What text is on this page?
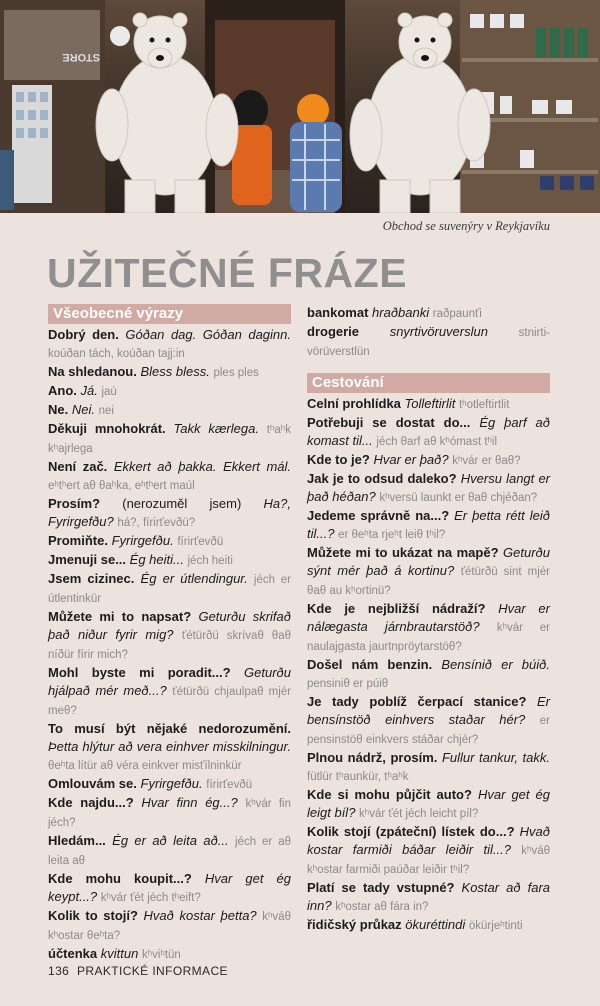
STORE
Obchod se suvenýry v Reykjavíku
UŽITEČNÉ FRÁZE
Všeobecné výrazy

Dobrý den. Góðan dag. Góðan daginn. koúðan tách, koúðan tajj:in

Na shledanou. Bless bless. ples ples

Ano. Já. jaú

Ne. Nei. nei

Děkuji mnohokrát. Takk kærlega. tʰaʰk kʰajrlega

Není zač. Ekkert að þakka. Ekkert mál. eʰtʰert aθ θaʰka, eʰtʰert maúl

Prosím? (nerozuměl jsem) Ha?, Fyrirgefðu? há?, fírirťevðü?

Promiňte. Fyrirgefðu. fírirťevðü

Jmenuji se... Ég heiti... jéch heiti

Jsem cizinec. Ég er útlendingur. jéch er útlentinkür

Můžete mi to napsat? Geturðu skrifað það niður fyrir mig? ťétürðü skrívaθ θaθ níðür fírir mich?

Mohl byste mi poradit...? Geturðu hjálpað mér með...? ťétürðü chjaulpaθ mjér meθ?

To musí být nějaké nedorozumění. Þetta hlýtur að vera einhver misskilningur. θeʰta lítür aθ véra einkver misťílninkür

Omlouvám se. Fyrirgefðu. fírirťevðü

Kde najdu...? Hvar finn ég...? kʰvár fin jéch?

Hledám... Ég er að leita að... jéch er aθ leita aθ

Kde mohu koupit...? Hvar get ég keypt...? kʰvár ťét jéch tʰeift?

Kolik to stojí? Hvað kostar þetta? kʰváθ kʰostar θeʰta?

účtenka kvittun kʰviʰtün

bankomat hraðbanki raðpaunťi

drogerie snyrtivöruverslun	stnirtivörüverstlün

Cestování

Celní prohlídka Tolleftirlit tʰotleftirtlit

Potřebuji se dostat do... Ég þarf að komast til... jéch θarf aθ kʰómast tʰil

Kde to je? Hvar er það? kʰvár er θaθ?

Jak je to odsud daleko? Hversu langt er það héðan? kʰversü launkt er θaθ chjéðan?

Jedeme správně na...? Er þetta rétt leið til...? er θeʰta rjeʰt leiθ tʰil?

Můžete mi to ukázat na mapě? Geturðu sýnt mér það á kortinu? ťétürðü sint mjér θaθ au kʰortinü?

Kde je nejbližší nádraží? Hvar er nálægasta járnbrautarstöð? kʰvár er naulajgasta jaurtnpröytarstöθ?

Došel nám benzin. Bensínið er búið. pensiniθ er púiθ

Je tady poblíž čerpací stanice? Er bensínstöð einhvers staðar hér? er pensinstöθ einkvers stáðar chjér?

Plnou nádrž, prosím. Fullur tankur, takk. fütlür tʰaunkür, tʰaʰk

Kde si mohu půjčit auto? Hvar get ég leigt bíl? kʰvár ťét jéch leicht píl?

Kolik stojí (zpáteční) lístek do...? Hvað kostar farmiði báðar leiðir til...? kʰváθ kʰostar farmiði paúðar leiðir tʰil?

Platí se tady vstupné? Kostar að fara inn? kʰostar aθ fára in?

řidičský průkaz ökuréttindi ökürjeʰtinti

136 PRAKTICKÉ INFORMACE
